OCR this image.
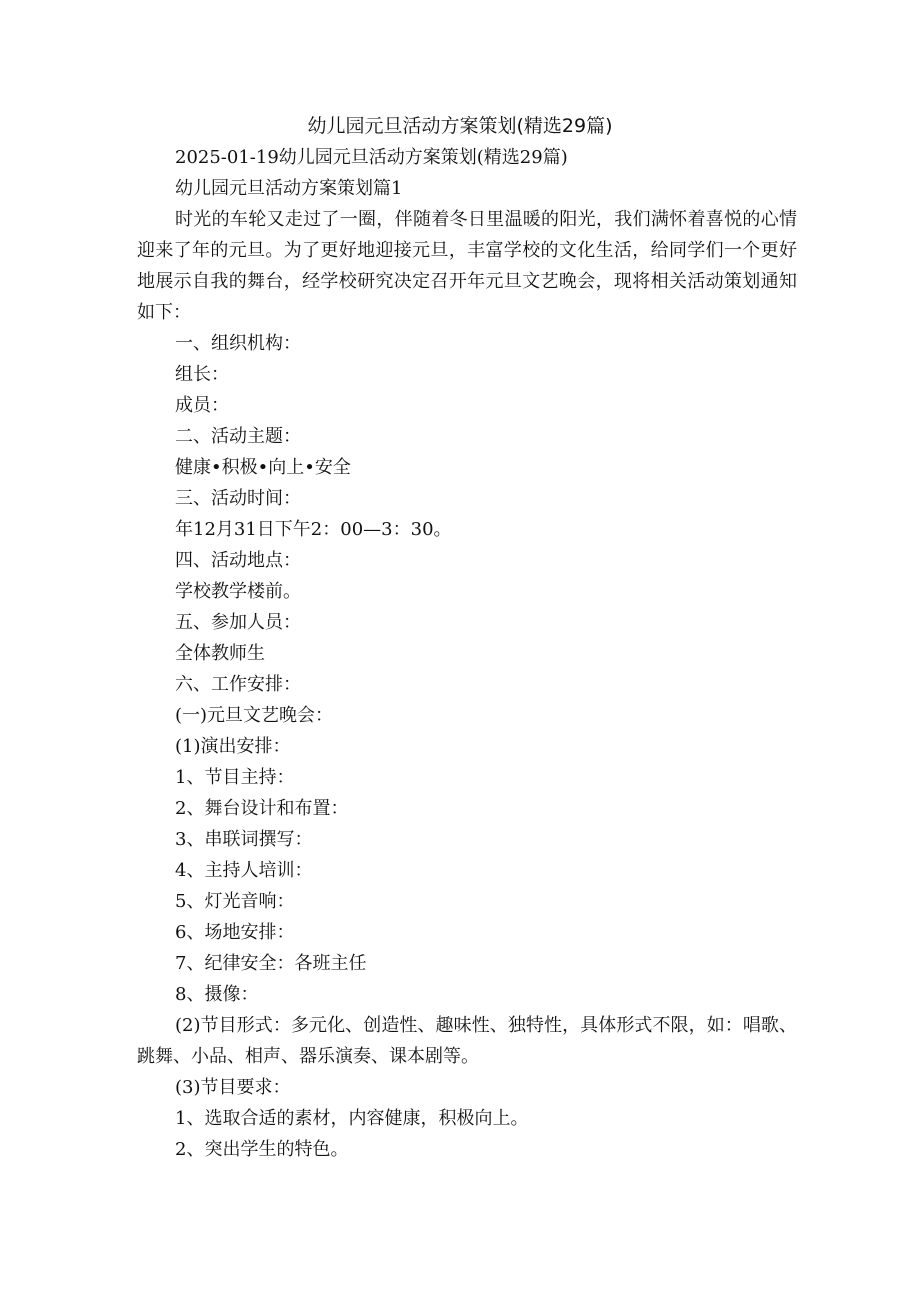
幼儿园元旦活动方案策划(精选29篇)

2025-01-19幼儿园元旦活动方案策划(精选29篇)

幼儿园元旦活动方案策划篇1

时光的车轮又走过了一圈，伴随着冬日里温暖的阳光，我们满怀着喜悦的心情迎来了年的元旦。为了更好地迎接元旦，丰富学校的文化生活，给同学们一个更好地展示自我的舞台，经学校研究决定召开年元旦文艺晚会，现将相关活动策划通知如下：

一、组织机构：

组长：

成员：

二、活动主题：

健康•积极•向上•安全

三、活动时间：

年12月31日下午2：00—3：30。

四、活动地点：

学校教学楼前。

五、参加人员：

全体教师生

六、工作安排：

(一)元旦文艺晚会：

(1)演出安排：

1、节目主持：

2、舞台设计和布置：

3、串联词撰写：

4、主持人培训：

5、灯光音响：

6、场地安排：

7、纪律安全：各班主任

8、摄像：

(2)节目形式：多元化、创造性、趣味性、独特性，具体形式不限，如：唱歌、跳舞、小品、相声、器乐演奏、课本剧等。

(3)节目要求：

1、选取合适的素材，内容健康，积极向上。

2、突出学生的特色。
